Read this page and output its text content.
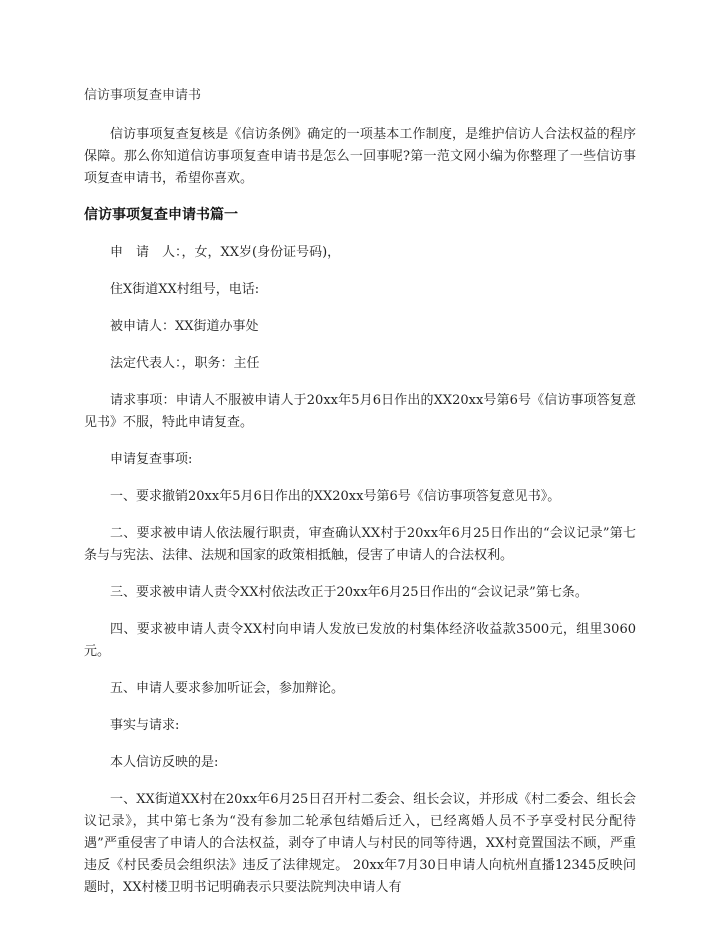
信访事项复查申请书

信访事项复查复核是《信访条例》确定的一项基本工作制度，是维护信访人合法权益的程序保障。那么你知道信访事项复查申请书是怎么一回事呢?第一范文网小编为你整理了一些信访事项复查申请书，希望你喜欢。

信访事项复查申请书篇一

申　请　人：，女，XX岁(身份证号码)，

住X街道XX村组号，电话:

被申请人：XX街道办事处

法定代表人：，职务：主任

请求事项：申请人不服被申请人于20xx年5月6日作出的XX20xx号第6号《信访事项答复意见书》不服，特此申请复查。

申请复查事项:

一、要求撤销20xx年5月6日作出的XX20xx号第6号《信访事项答复意见书》。

二、要求被申请人依法履行职责，审查确认XX村于20xx年6月25日作出的“会议记录”第七条与与宪法、法律、法规和国家的政策相抵触，侵害了申请人的合法权利。

三、要求被申请人责令XX村依法改正于20xx年6月25日作出的“会议记录”第七条。

四、要求被申请人责令XX村向申请人发放已发放的村集体经济收益款3500元，组里3060元。

五、申请人要求参加听证会，参加辩论。

事实与请求:

本人信访反映的是:

一、XX街道XX村在20xx年6月25日召开村二委会、组长会议，并形成《村二委会、组长会议记录》，其中第七条为“没有参加二轮承包结婚后迁入，已经离婚人员不予享受村民分配待遇”严重侵害了申请人的合法权益，剥夺了申请人与村民的同等待遇，XX村竟置国法不顾，严重违反《村民委员会组织法》违反了法律规定。 20xx年7月30日申请人向杭州直播12345反映问题时，XX村楼卫明书记明确表示只要法院判决申请人有
